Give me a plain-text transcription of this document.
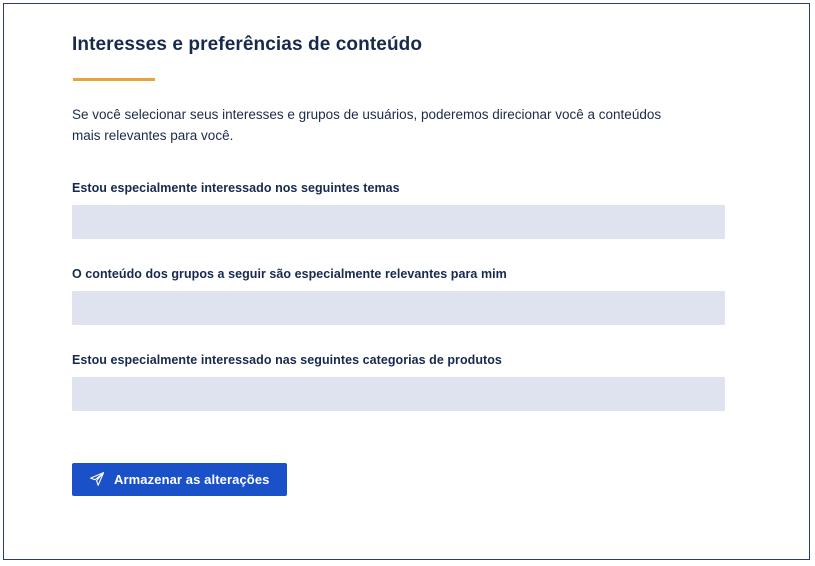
Interesses e preferências de conteúdo

Se você selecionar seus interesses e grupos de usuários, poderemos direcionar você a conteúdos mais relevantes para você.

Estou especialmente interessado nos seguintes temas
O conteúdo dos grupos a seguir são especialmente relevantes para mim
Estou especialmente interessado nas seguintes categorias de produtos
Armazenar as alterações
